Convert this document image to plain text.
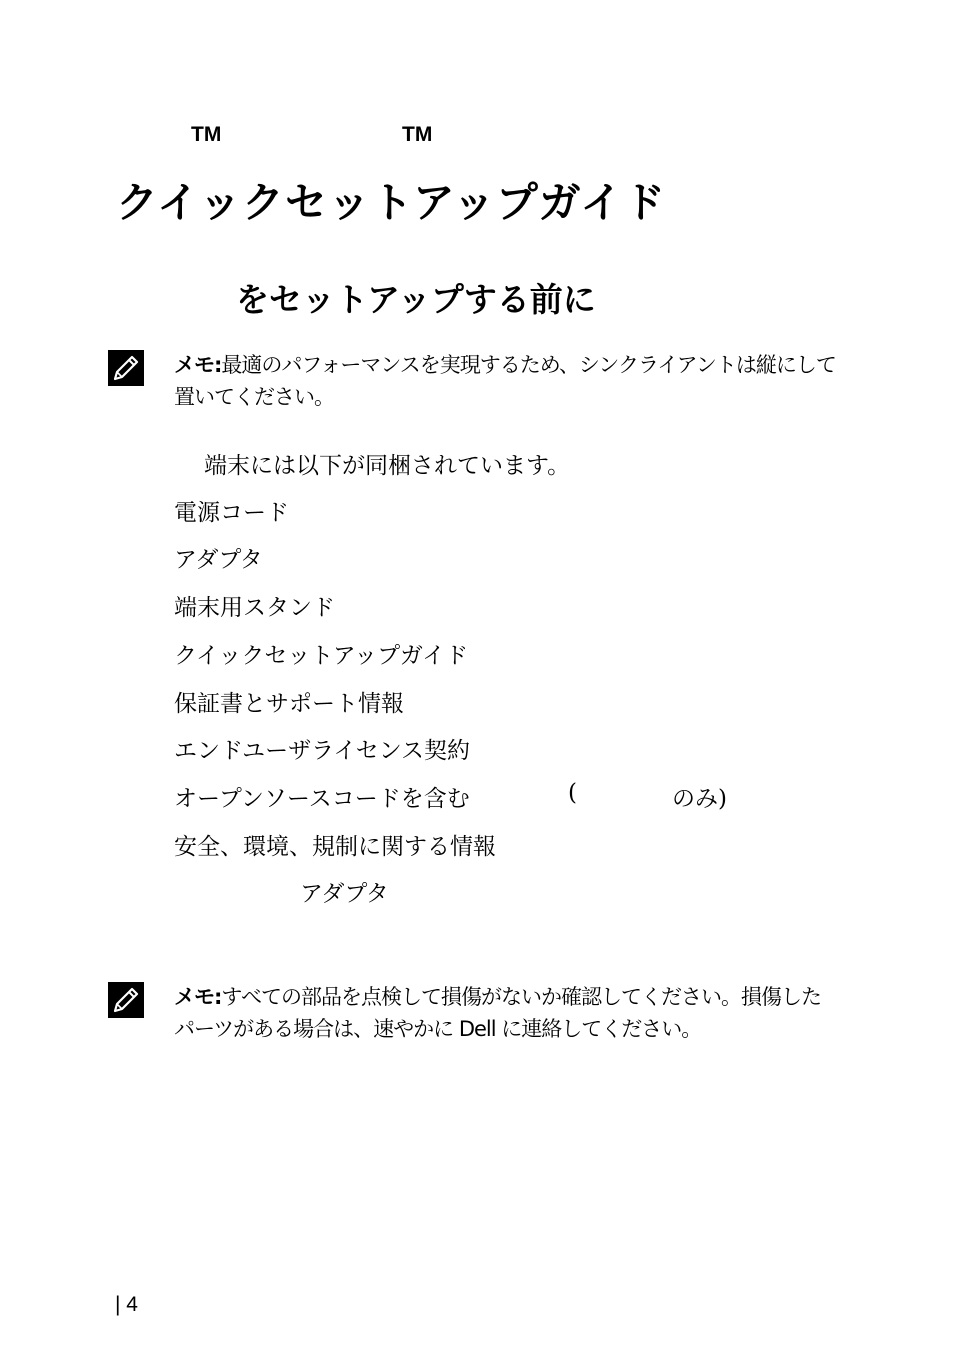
TM	TM
クイックセットアップガイド
をセットアップする前に
メモ:最適のパフォーマンスを実現するため、シンクライアントは縦にして
置いてください。
端末には以下が同梱されています。
電源コード
アダプタ
端末用スタンド
クイックセットアップガイド
保証書とサポート情報
エンドユーザライセンス契約
オープンソースコードを含む	(	のみ)
安全、環境、規制に関する情報
アダプタ
メモ:すべての部品を点検して損傷がないか確認してください。損傷した
パーツがある場合は、速やかに Dell に連絡してください。
| 4
